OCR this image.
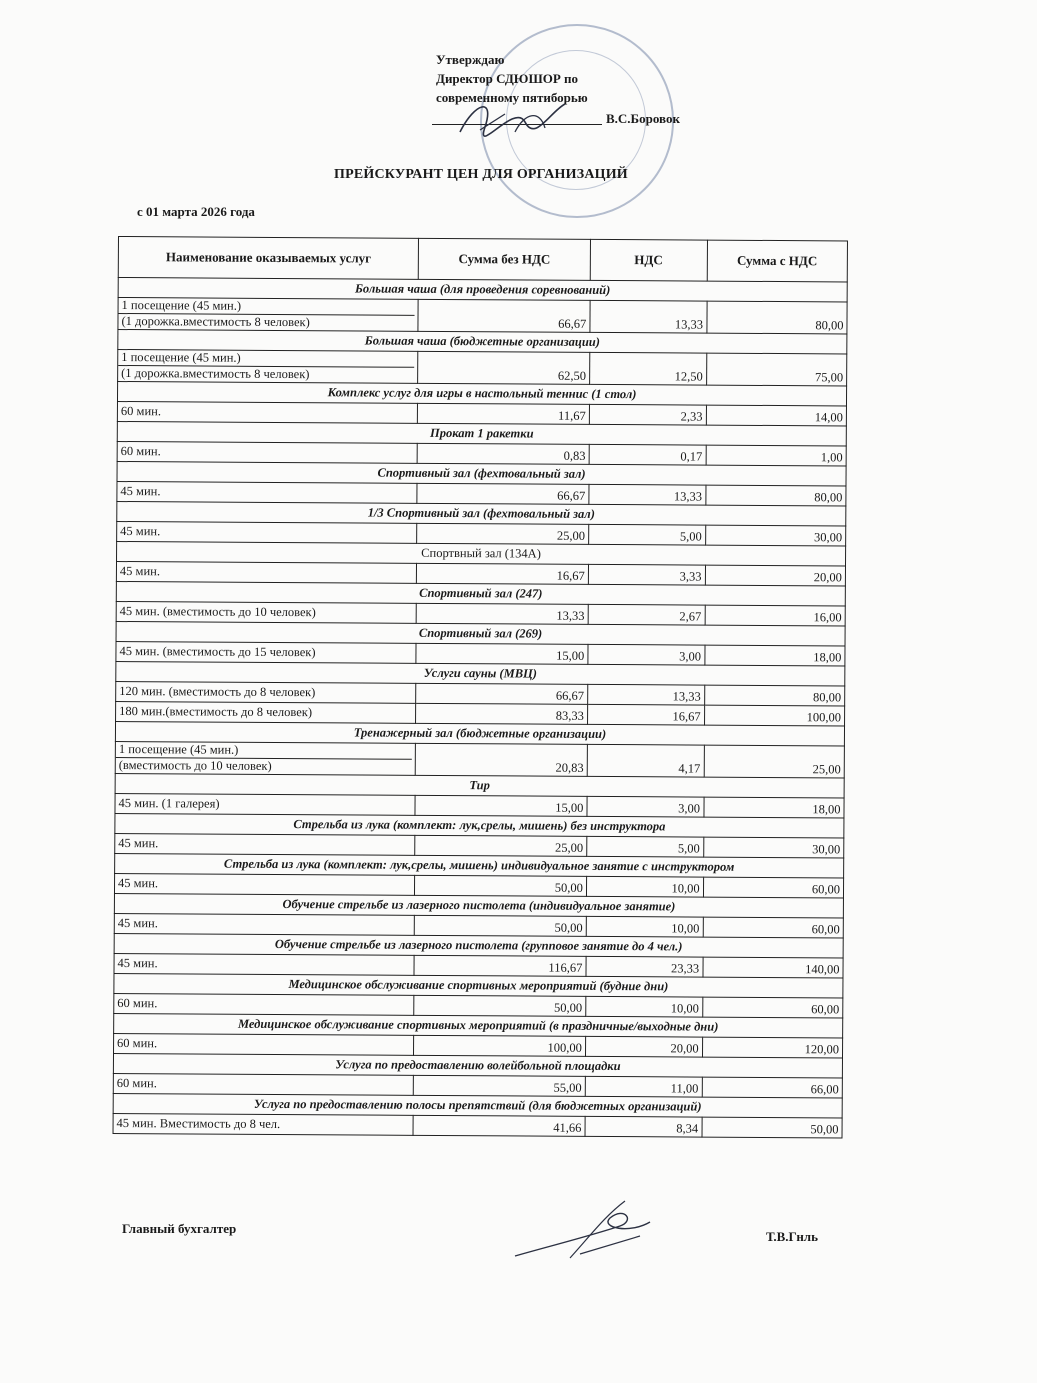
Утверждаю
Директор СДЮШОР по
современному пятиборью
В.С.Боровок
ПРЕЙСКУРАНТ ЦЕН ДЛЯ ОРГАНИЗАЦИЙ
с 01 марта 2026 года
Наименование оказываемых услуг	Сумма без НДС	НДС	Сумма с НДС
Большая чаша (для проведения соревнований)			

1 посещение (45 мин.)
(1 дорожка.вместимость 8 человек)	66,67	13,33	80,00
Большая чаша (бюджетные организации)			

1 посещение (45 мин.)
(1 дорожка.вместимость 8 человек)	62,50	12,50	75,00
Комплекс услуг для игры в настольный теннис (1 стол)			

60 мин.	11,67	2,33	14,00
Прокат 1 ракетки			

60 мин.	0,83	0,17	1,00
Спортивный зал (фехтовальный зал)			

45 мин.	66,67	13,33	80,00
1/3 Спортивный зал (фехтовальный зал)			

45 мин.	25,00	5,00	30,00
Спортвный зал (134А)			

45 мин.	16,67	3,33	20,00
Спортивный зал (247)			

45 мин. (вместимость до 10 человек)	13,33	2,67	16,00
Спортивный зал (269)			

45 мин. (вместимость до 15 человек)	15,00	3,00	18,00
Услуги сауны (МВЦ)			

120 мин. (вместимость до 8 человек)	66,67	13,33	80,00

180 мин.(вместимость до 8 человек)	83,33	16,67	100,00
Тренажерный зал (бюджетные организации)			

1 посещение (45 мин.)
(вместимость до 10 человек)	20,83	4,17	25,00
Тир			

45 мин. (1 галерея)	15,00	3,00	18,00
Стрельба из лука (комплект: лук,срелы, мишень) без инструктора			

45 мин.	25,00	5,00	30,00
Стрельба из лука (комплект: лук,срелы, мишень) индивидуальное занятие с инструктором			

45 мин.	50,00	10,00	60,00
Обучение стрельбе из лазерного пистолета (индивидуальное занятие)			

45 мин.	50,00	10,00	60,00
Обучение стрельбе из лазерного пистолета (групповое занятие до 4 чел.)			

45 мин.	116,67	23,33	140,00
Медицинское обслуживание спортивных мероприятий (будние дни)			

60 мин.	50,00	10,00	60,00
Медицинское обслуживание спортивных мероприятий (в праздничные/выходные дни)			

60 мин.	100,00	20,00	120,00
Услуга по предоставлению волейбольной площадки			

60 мин.	55,00	11,00	66,00
Услуга по предоставлению полосы препятствий (для бюджетных организаций)			

45 мин. Вместимость до 8 чел.	41,66	8,34	50,00
Главный бухгалтер
Т.В.Гнль
